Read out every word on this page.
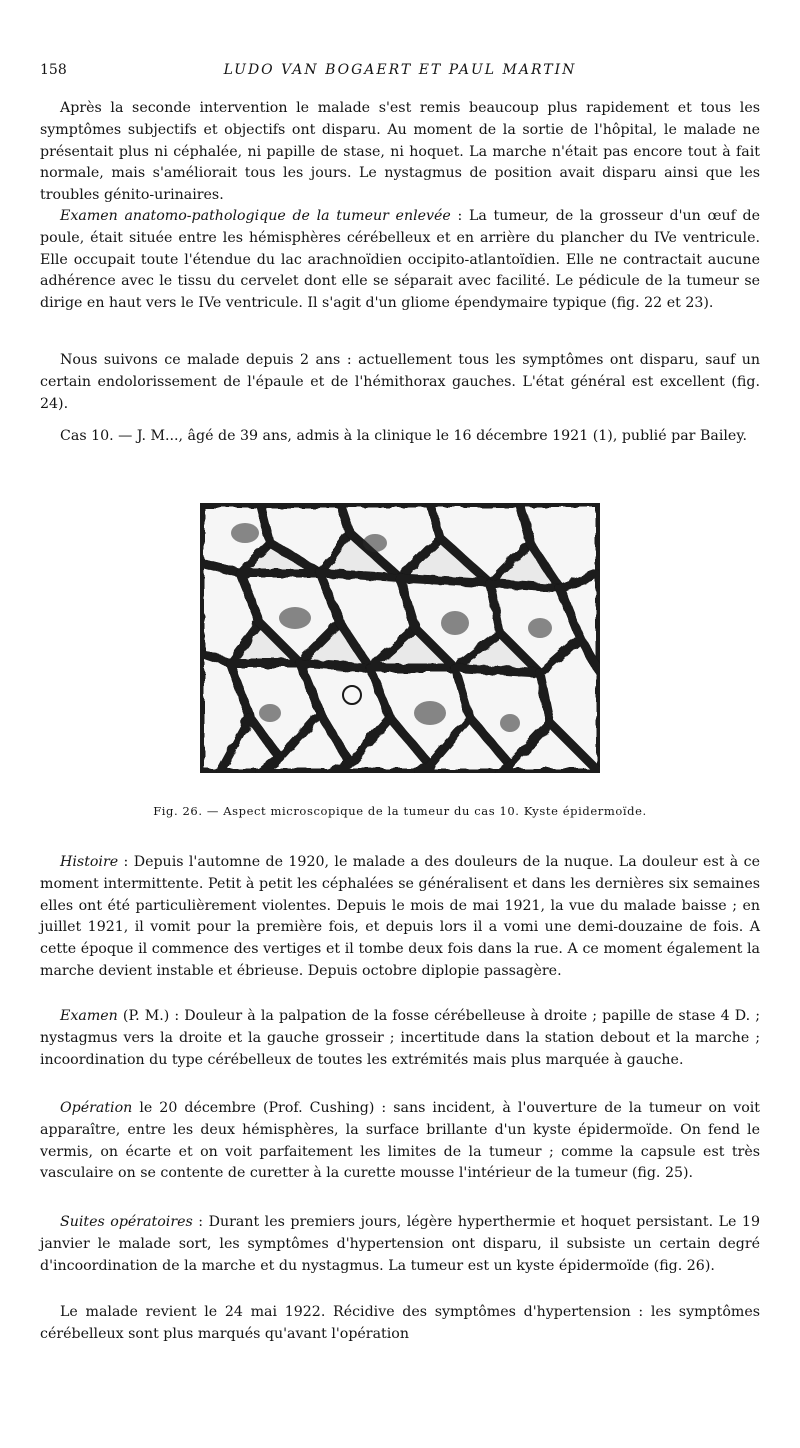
158	LUDO VAN BOGAERT ET PAUL MARTIN

Après la seconde intervention le malade s'est remis beaucoup plus rapidement et tous les symptômes subjectifs et objectifs ont disparu. Au moment de la sortie de l'hôpital, le malade ne présentait plus ni céphalée, ni papille de stase, ni hoquet. La marche n'était pas encore tout à fait normale, mais s'améliorait tous les jours. Le nystagmus de position avait disparu ainsi que les troubles génito-urinaires.

Examen anatomo-pathologique de la tumeur enlevée : La tumeur, de la grosseur d'un œuf de poule, était située entre les hémisphères cérébelleux et en arrière du plancher du IVe ventricule. Elle occupait toute l'étendue du lac arachnoïdien occipito-atlantoïdien. Elle ne contractait aucune adhérence avec le tissu du cervelet dont elle se séparait avec facilité. Le pédicule de la tumeur se dirige en haut vers le IVe ventricule. Il s'agit d'un gliome épendymaire typique (fig. 22 et 23).

Nous suivons ce malade depuis 2 ans : actuellement tous les symptômes ont disparu, sauf un certain endolorissement de l'épaule et de l'hémithorax gauches. L'état général est excellent (fig. 24).

Cas 10. — J. M..., âgé de 39 ans, admis à la clinique le 16 décembre 1921 (1), publié par Bailey.

Fig. 26. — Aspect microscopique de la tumeur du cas 10. Kyste épidermoïde.

Histoire : Depuis l'automne de 1920, le malade a des douleurs de la nuque. La douleur est à ce moment intermittente. Petit à petit les céphalées se généralisent et dans les dernières six semaines elles ont été particulièrement violentes. Depuis le mois de mai 1921, la vue du malade baisse ; en juillet 1921, il vomit pour la première fois, et depuis lors il a vomi une demi-douzaine de fois. A cette époque il commence des vertiges et il tombe deux fois dans la rue. A ce moment également la marche devient instable et ébrieuse. Depuis octobre diplopie passagère.

Examen (P. M.) : Douleur à la palpation de la fosse cérébelleuse à droite ; papille de stase 4 D. ; nystagmus vers la droite et la gauche grosseir ; incertitude dans la station debout et la marche ; incoordination du type cérébelleux de toutes les extrémités mais plus marquée à gauche.

Opération le 20 décembre (Prof. Cushing) : sans incident, à l'ouverture de la tumeur on voit apparaître, entre les deux hémisphères, la surface brillante d'un kyste épidermoïde. On fend le vermis, on écarte et on voit parfaitement les limites de la tumeur ; comme la capsule est très vasculaire on se contente de curetter à la curette mousse l'intérieur de la tumeur (fig. 25).

Suites opératoires : Durant les premiers jours, légère hyperthermie et hoquet persistant. Le 19 janvier le malade sort, les symptômes d'hypertension ont disparu, il subsiste un certain degré d'incoordination de la marche et du nystagmus. La tumeur est un kyste épidermoïde (fig. 26).

Le malade revient le 24 mai 1922. Récidive des symptômes d'hypertension : les symptômes cérébelleux sont plus marqués qu'avant l'opération
